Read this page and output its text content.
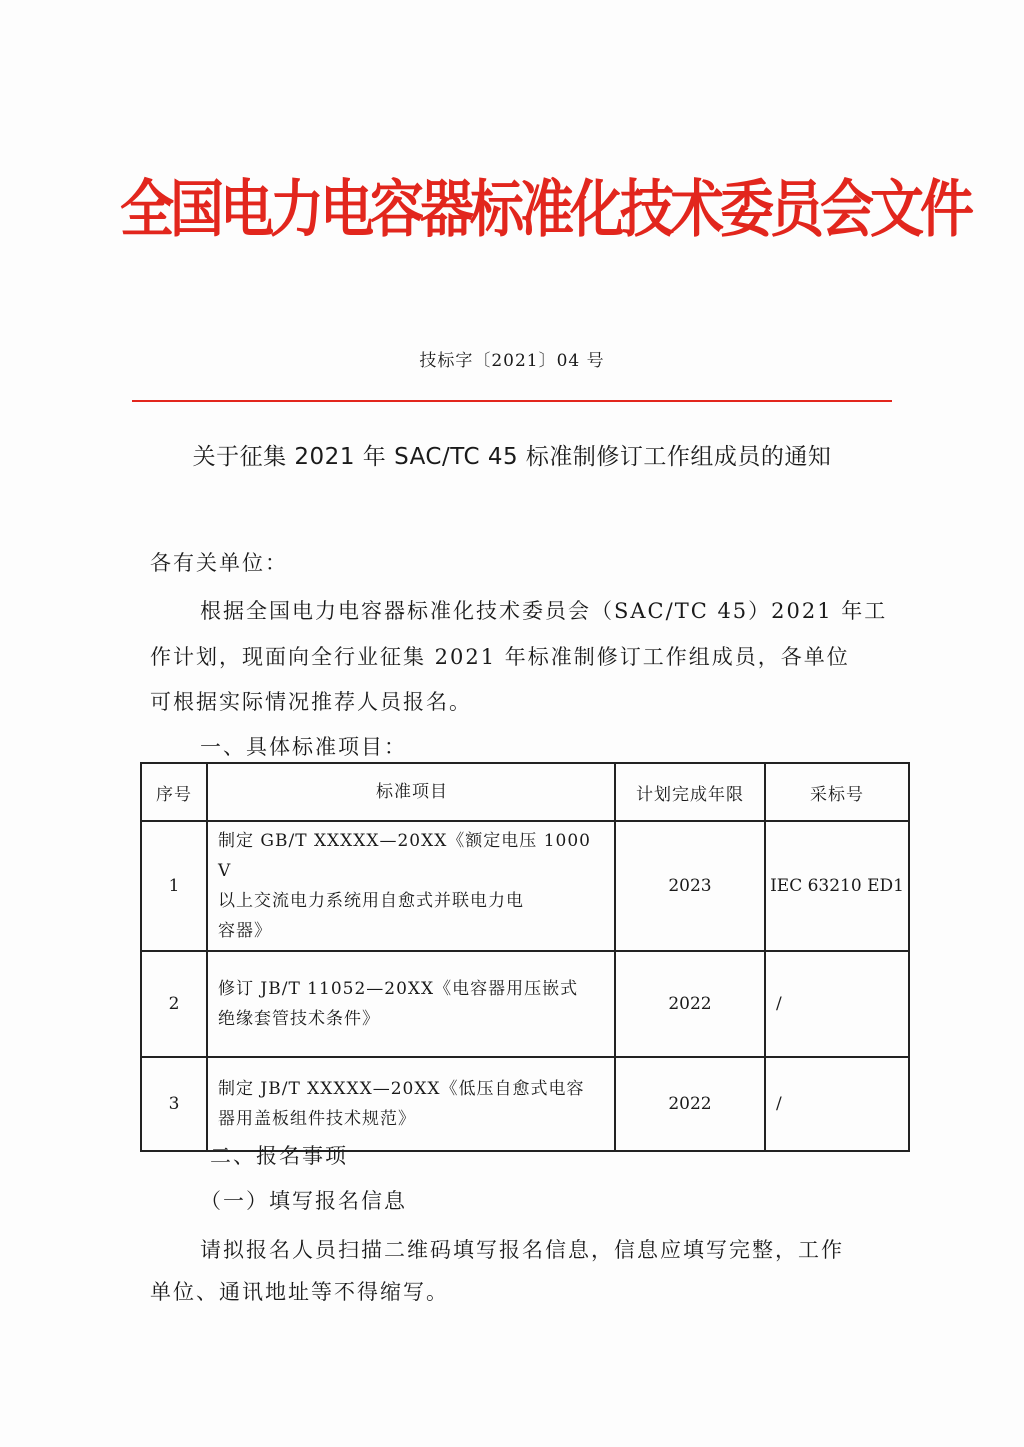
全国电力电容器标准化技术委员会文件
技标字〔2021〕04 号
关于征集 2021 年 SAC/TC 45 标准制修订工作组成员的通知
各有关单位：
根据全国电力电容器标准化技术委员会（SAC/TC 45）2021 年工
作计划，现面向全行业征集 2021 年标准制修订工作组成员，各单位
可根据实际情况推荐人员报名。
一、具体标准项目：
序号	标准项目	计划完成年限	采标号
1	制定 GB/T XXXXX—20XX《额定电压 1000 V
以上交流电力系统用自愈式并联电力电
容器》	2023	IEC 63210 ED1
2	修订 JB/T 11052—20XX《电容器用压嵌式
绝缘套管技术条件》	2022	/
3	制定 JB/T XXXXX—20XX《低压自愈式电容
器用盖板组件技术规范》	2022	/
二、报名事项
（一）填写报名信息
请拟报名人员扫描二维码填写报名信息，信息应填写完整，工作
单位、通讯地址等不得缩写。
